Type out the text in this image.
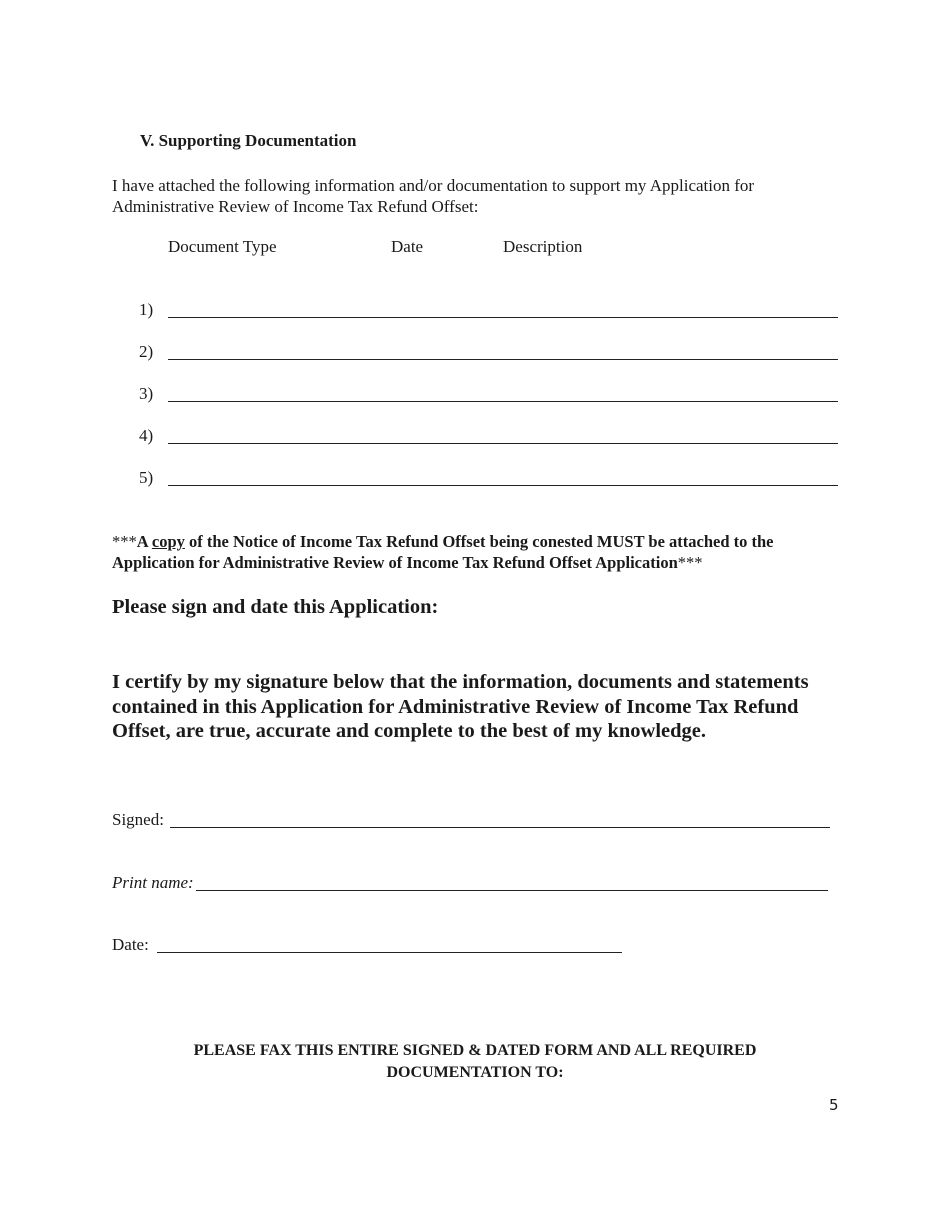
V. Supporting Documentation
I have attached the following information and/or documentation to support my Application for Administrative Review of Income Tax Refund Offset:
Document Type	Date	Description
1)
2)
3)
4)
5)
***A copy of the Notice of Income Tax Refund Offset being conested MUST be attached to the Application for Administrative Review of Income Tax Refund Offset Application***
Please sign and date this Application:
I certify by my signature below that the information, documents and statements contained in this Application for Administrative Review of Income Tax Refund Offset, are true, accurate and complete to the best of my knowledge.
Signed:
Print name:
Date:
PLEASE FAX THIS ENTIRE SIGNED & DATED FORM AND ALL REQUIRED
DOCUMENTATION TO:
5
